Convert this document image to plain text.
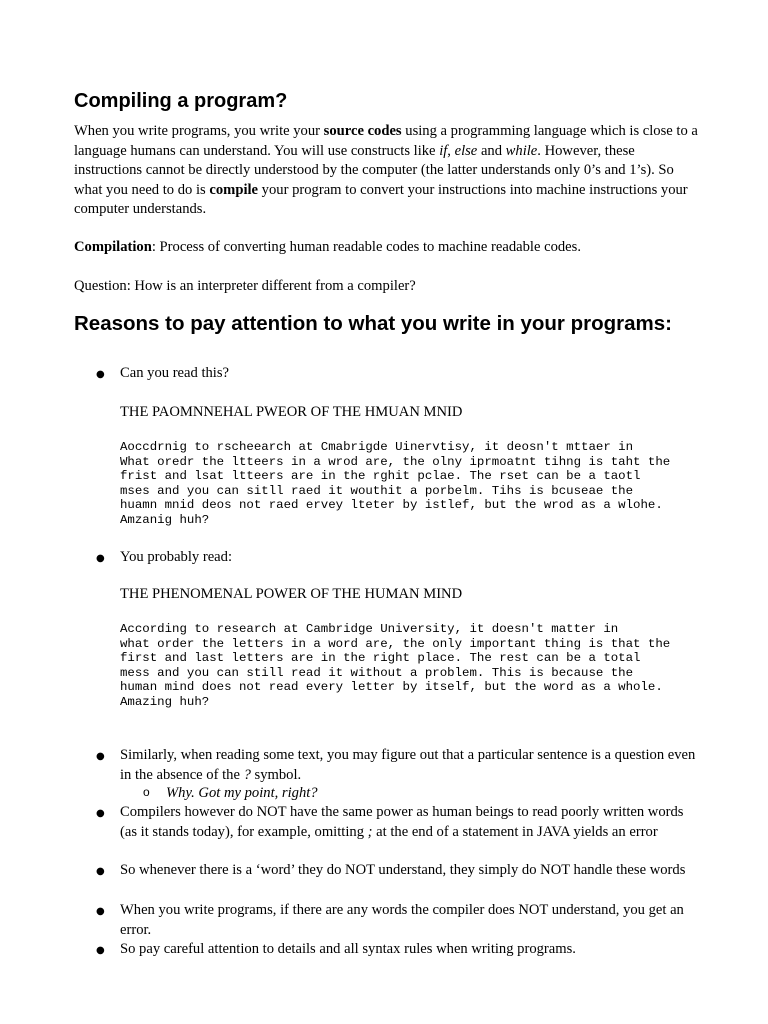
Compiling a program?

When you write programs, you write your source codes using a programming language which is close to a language humans can understand. You will use constructs like if, else and while. However, these instructions cannot be directly understood by the computer (the latter understands only 0’s and 1’s). So what you need to do is compile your program to convert your instructions into machine instructions your computer understands.

Compilation: Process of converting human readable codes to machine readable codes.

Question: How is an interpreter different from a compiler?

Reasons to pay attention to what you write in your programs:
● Can you read this?

THE PAOMNNEHAL PWEOR OF THE HMUAN MNID

Aoccdrnig to rscheearch at Cmabrigde Uinervtisy, it deosn't mttaer in
What oredr the ltteers in a wrod are, the olny iprmoatnt tihng is taht the
frist and lsat ltteers are in the rghit pclae. The rset can be a taotl
mses and you can sitll raed it wouthit a porbelm. Tihs is bcuseae the
huamn mnid deos not raed ervey lteter by istlef, but the wrod as a wlohe.
Amzanig huh?
● You probably read:

THE PHENOMENAL POWER OF THE HUMAN MIND

According to research at Cambridge University, it doesn't matter in
what order the letters in a word are, the only important thing is that the
first and last letters are in the right place. The rest can be a total
mess and you can still read it without a problem. This is because the
human mind does not read every letter by itself, but the word as a whole.
Amazing huh?
● Similarly, when reading some text, you may figure out that a particular sentence is a question even in the absence of the ? symbol.

o Why. Got my point, right?

● Compilers however do NOT have the same power as human beings to read poorly written words (as it stands today), for example, omitting ; at the end of a statement in JAVA yields an error

● So whenever there is a ‘word’ they do NOT understand, they simply do NOT handle these words

● When you write programs, if there are any words the compiler does NOT understand, you get an error.

● So pay careful attention to details and all syntax rules when writing programs.
